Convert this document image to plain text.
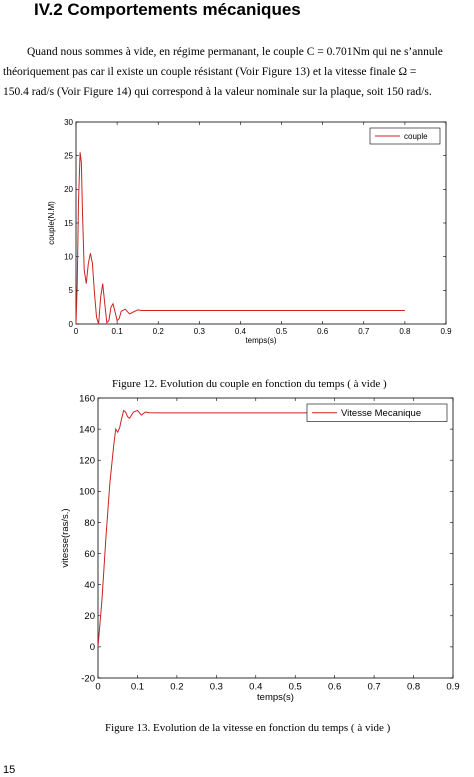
IV.2 Comportements mécaniques
Quand nous sommes à vide, en régime permanant, le couple C = 0.701Nm qui ne s’annule
théoriquement pas car il existe un couple résistant (Voir Figure 13) et la vitesse finale Ω =
150.4 rad/s (Voir Figure 14) qui correspond à la valeur nominale sur la plaque, soit 150 rad/s.
0	0.1	0.2	0.3	0.4	0.5	0.6	0.7	0.8	0.9
0
5
10
15
20
25
30
temps(s)
couple(N.M)
couple
Figure 12. Evolution du couple en fonction du temps ( à vide )
0	0.1	0.2	0.3	0.4	0.5	0.6	0.7	0.8	0.9
-20
0
20
40
60
80
100
120
140
160
temps(s)
vitesse(ras/s.)
Vitesse Mecanique
Figure 13. Evolution de la vitesse en fonction du temps ( à vide )
15
